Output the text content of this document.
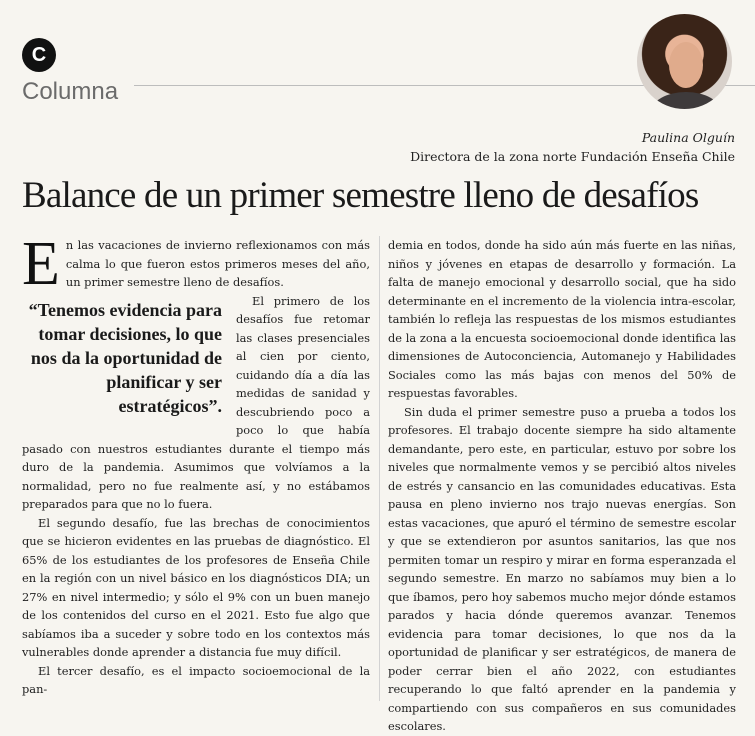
C
Columna
Paulina Olguín
Directora de la zona norte Fundación Enseña Chile
Balance de un primer semestre lleno de desafíos

En las vacaciones de invierno reflexionamos con más calma lo que fueron estos primeros meses del año, un primer semestre lleno de desafíos.

“Tenemos evidencia para tomar decisiones, lo que nos da la oportunidad de planificar y ser estratégicos”.

El primero de los desafíos fue retomar las clases presenciales al cien por ciento, cuidando día a día las medidas de sanidad y descubriendo poco a poco lo que había pasado con nuestros estudiantes durante el tiempo más duro de la pandemia. Asumimos que volvíamos a la normalidad, pero no fue realmente así, y no estábamos preparados para que no lo fuera.

El segundo desafío, fue las brechas de conocimientos que se hicieron evidentes en las pruebas de diagnóstico. El 65% de los estudiantes de los profesores de Enseña Chile en la región con un nivel básico en los diagnósticos DIA; un 27% en nivel intermedio; y sólo el 9% con un buen manejo de los contenidos del curso en el 2021. Esto fue algo que sabíamos iba a suceder y sobre todo en los contextos más vulnerables donde aprender a distancia fue muy difícil.

El tercer desafío, es el impacto socioemocional de la pan-

demia en todos, donde ha sido aún más fuerte en las niñas, niños y jóvenes en etapas de desarrollo y formación. La falta de manejo emocional y desarrollo social, que ha sido determinante en el incremento de la violencia intra-escolar, también lo refleja las respuestas de los mismos estudiantes de la zona a la encuesta socioemocional donde identifica las dimensiones de Autoconciencia, Automanejo y Habilidades Sociales como las más bajas con menos del 50% de respuestas favorables.

Sin duda el primer semestre puso a prueba a todos los profesores. El trabajo docente siempre ha sido altamente demandante, pero este, en particular, estuvo por sobre los niveles que normalmente vemos y se percibió altos niveles de estrés y cansancio en las comunidades educativas. Esta pausa en pleno invierno nos trajo nuevas energías. Son estas vacaciones, que apuró el término de semestre escolar y que se extendieron por asuntos sanitarios, las que nos permiten tomar un respiro y mirar en forma esperanzada el segundo semestre. En marzo no sabíamos muy bien a lo que íbamos, pero hoy sabemos mucho mejor dónde estamos parados y hacia dónde queremos avanzar. Tenemos evidencia para tomar decisiones, lo que nos da la oportunidad de planificar y ser estratégicos, de manera de poder cerrar bien el año 2022, con estudiantes recuperando lo que faltó aprender en la pandemia y compartiendo con sus compañeros en sus comunidades escolares.
